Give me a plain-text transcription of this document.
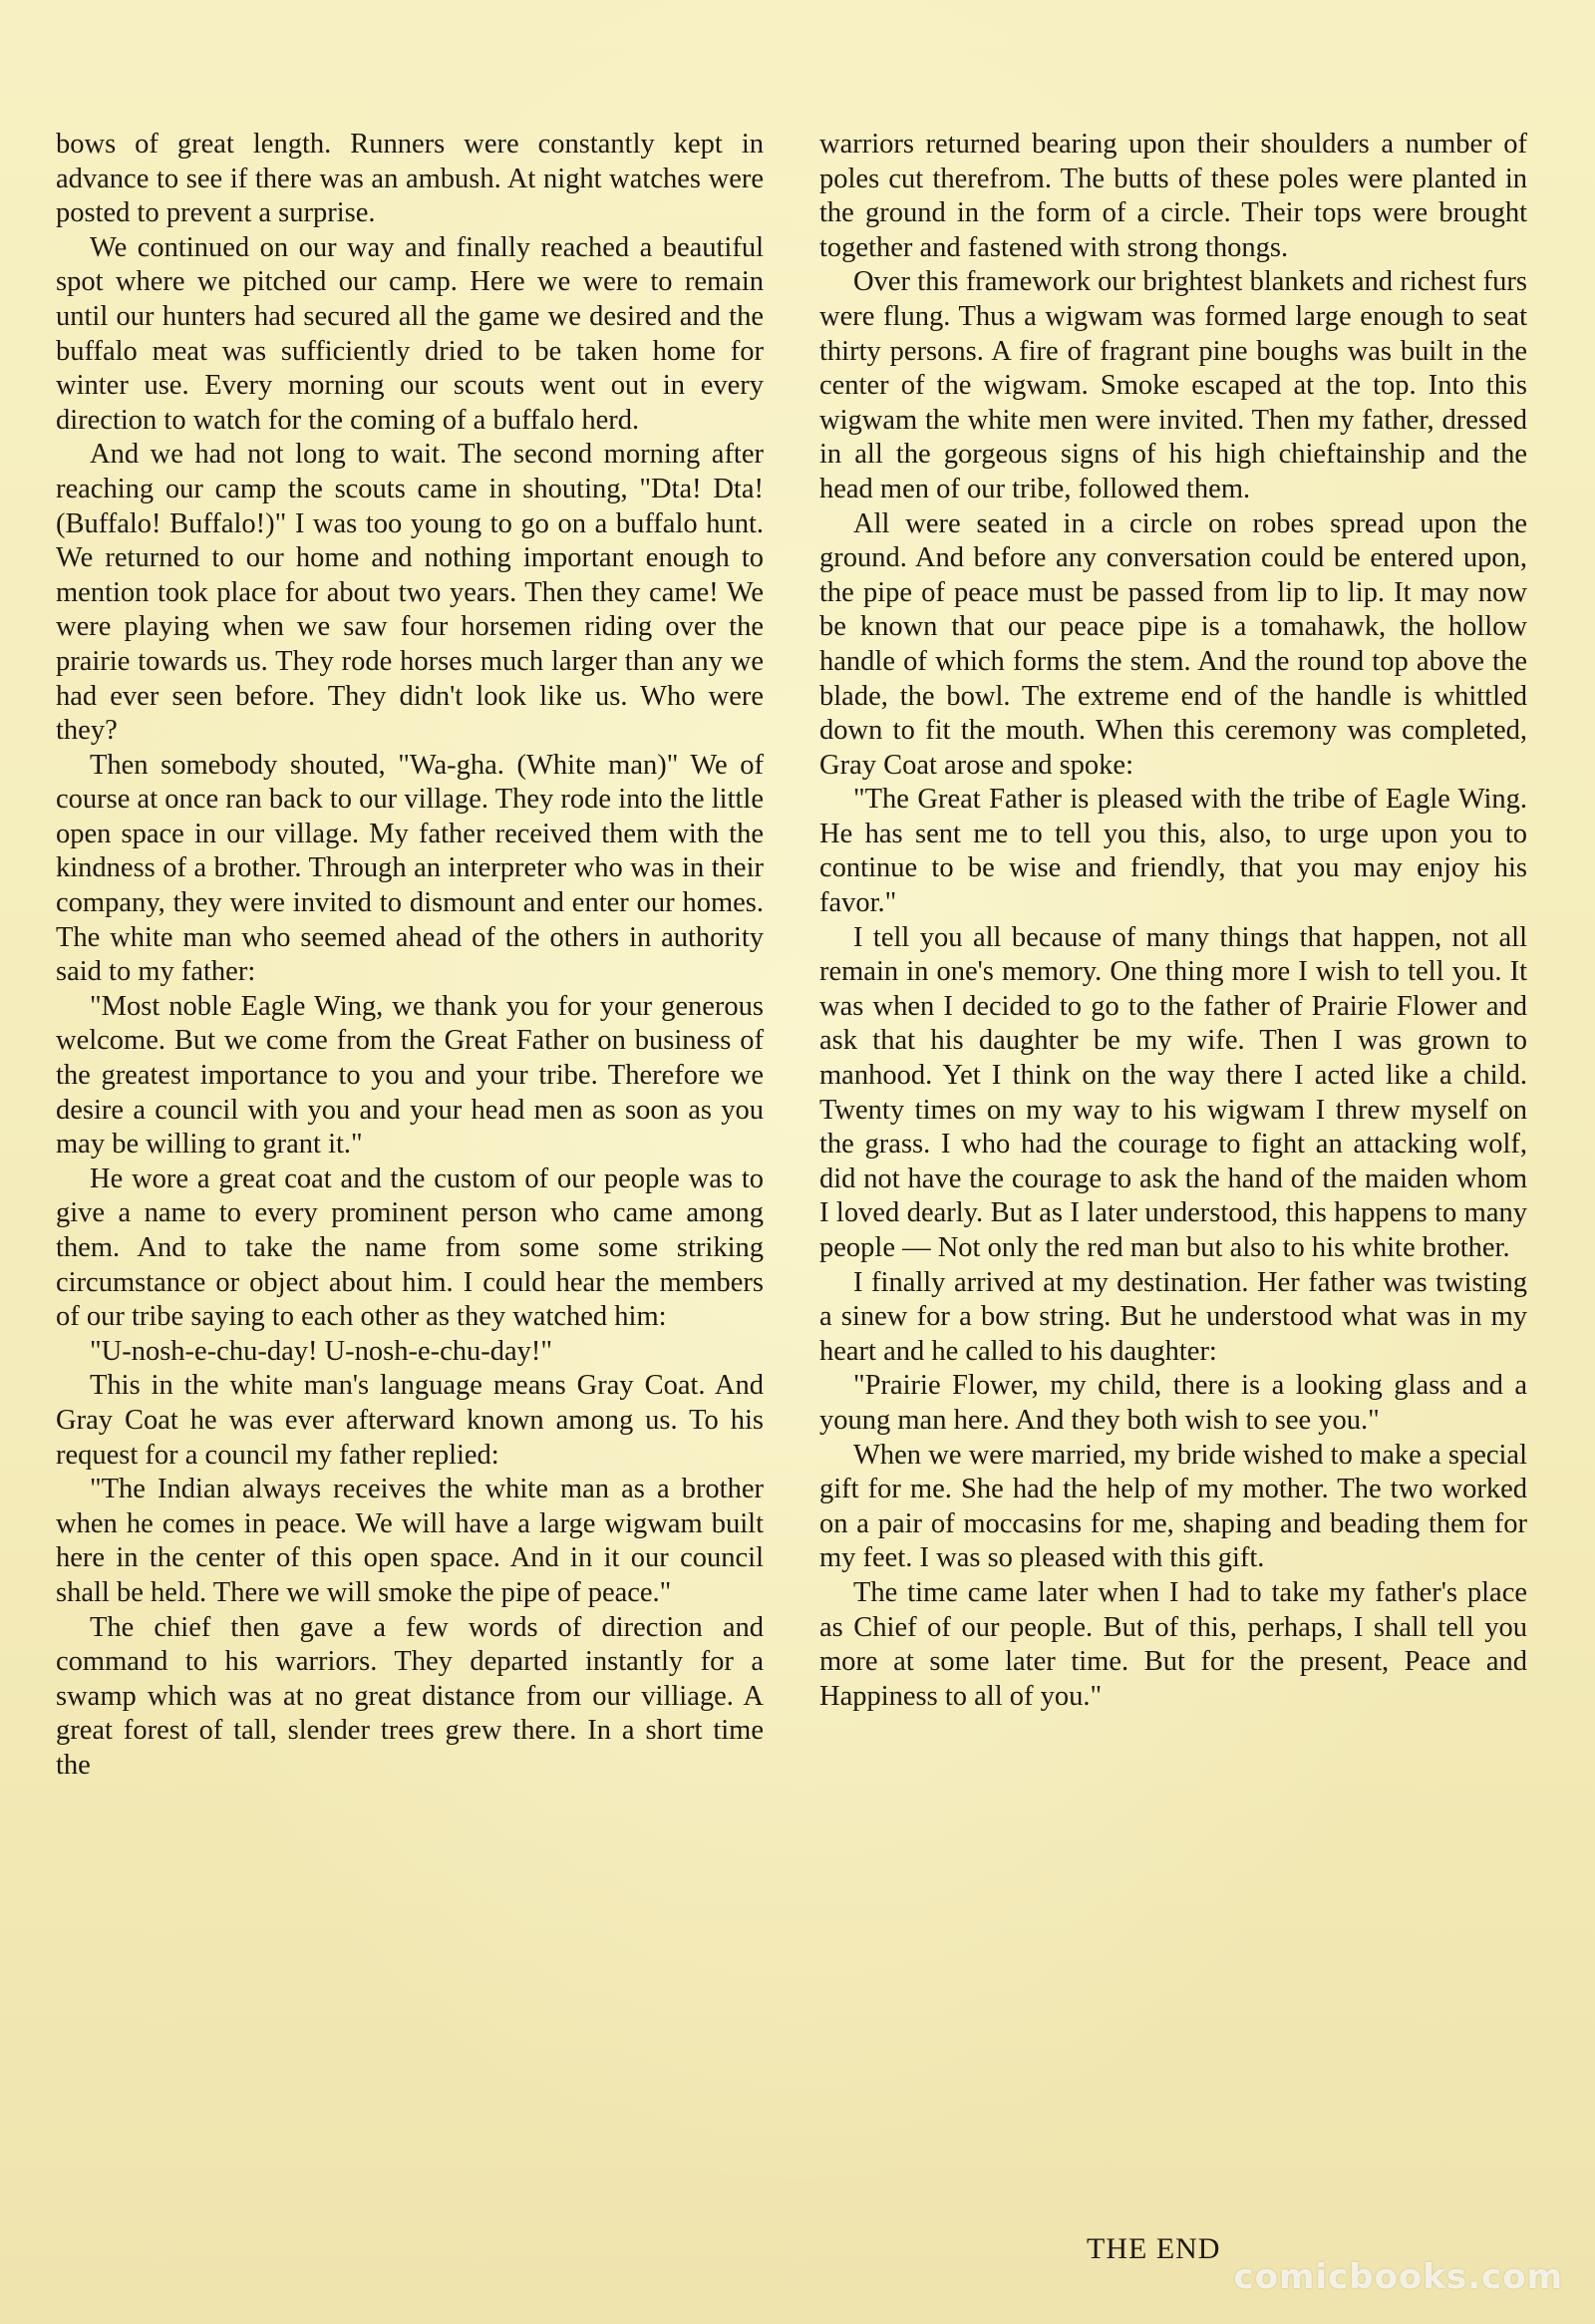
bows of great length. Runners were constantly kept in advance to see if there was an ambush. At night watches were posted to prevent a surprise.

We continued on our way and finally reached a beautiful spot where we pitched our camp. Here we were to remain until our hunters had secured all the game we desired and the buffalo meat was sufficiently dried to be taken home for winter use. Every morning our scouts went out in every direction to watch for the coming of a buffalo herd.

And we had not long to wait. The second morning after reaching our camp the scouts came in shouting, "Dta! Dta! (Buffalo! Buffalo!)" I was too young to go on a buffalo hunt. We returned to our home and nothing important enough to mention took place for about two years. Then they came! We were playing when we saw four horsemen riding over the prairie towards us. They rode horses much larger than any we had ever seen before. They didn't look like us. Who were they?

Then somebody shouted, "Wa-gha. (White man)" We of course at once ran back to our village. They rode into the little open space in our village. My father received them with the kindness of a brother. Through an interpreter who was in their company, they were invited to dismount and enter our homes. The white man who seemed ahead of the others in authority said to my father:

"Most noble Eagle Wing, we thank you for your generous welcome. But we come from the Great Father on business of the greatest importance to you and your tribe. Therefore we desire a council with you and your head men as soon as you may be willing to grant it."

He wore a great coat and the custom of our people was to give a name to every prominent person who came among them. And to take the name from some some striking circumstance or object about him. I could hear the members of our tribe saying to each other as they watched him:

"U-nosh-e-chu-day! U-nosh-e-chu-day!"

This in the white man's language means Gray Coat. And Gray Coat he was ever afterward known among us. To his request for a council my father replied:

"The Indian always receives the white man as a brother when he comes in peace. We will have a large wigwam built here in the center of this open space. And in it our council shall be held. There we will smoke the pipe of peace."

The chief then gave a few words of direction and command to his warriors. They departed instantly for a swamp which was at no great distance from our villiage. A great forest of tall, slender trees grew there. In a short time the

warriors returned bearing upon their shoulders a number of poles cut therefrom. The butts of these poles were planted in the ground in the form of a circle. Their tops were brought together and fastened with strong thongs.

Over this framework our brightest blankets and richest furs were flung. Thus a wigwam was formed large enough to seat thirty persons. A fire of fragrant pine boughs was built in the center of the wigwam. Smoke escaped at the top. Into this wigwam the white men were invited. Then my father, dressed in all the gorgeous signs of his high chieftainship and the head men of our tribe, followed them.

All were seated in a circle on robes spread upon the ground. And before any conversation could be entered upon, the pipe of peace must be passed from lip to lip. It may now be known that our peace pipe is a tomahawk, the hollow handle of which forms the stem. And the round top above the blade, the bowl. The extreme end of the handle is whittled down to fit the mouth. When this ceremony was completed, Gray Coat arose and spoke:

"The Great Father is pleased with the tribe of Eagle Wing. He has sent me to tell you this, also, to urge upon you to continue to be wise and friendly, that you may enjoy his favor."

I tell you all because of many things that happen, not all remain in one's memory. One thing more I wish to tell you. It was when I decided to go to the father of Prairie Flower and ask that his daughter be my wife. Then I was grown to manhood. Yet I think on the way there I acted like a child. Twenty times on my way to his wigwam I threw myself on the grass. I who had the courage to fight an attacking wolf, did not have the courage to ask the hand of the maiden whom I loved dearly. But as I later understood, this happens to many people — Not only the red man but also to his white brother.

I finally arrived at my destination. Her father was twisting a sinew for a bow string. But he understood what was in my heart and he called to his daughter:

"Prairie Flower, my child, there is a looking glass and a young man here. And they both wish to see you."

When we were married, my bride wished to make a special gift for me. She had the help of my mother. The two worked on a pair of moccasins for me, shaping and beading them for my feet. I was so pleased with this gift.

The time came later when I had to take my father's place as Chief of our people. But of this, perhaps, I shall tell you more at some later time. But for the present, Peace and Happiness to all of you."

THE END
comicbooks.com
